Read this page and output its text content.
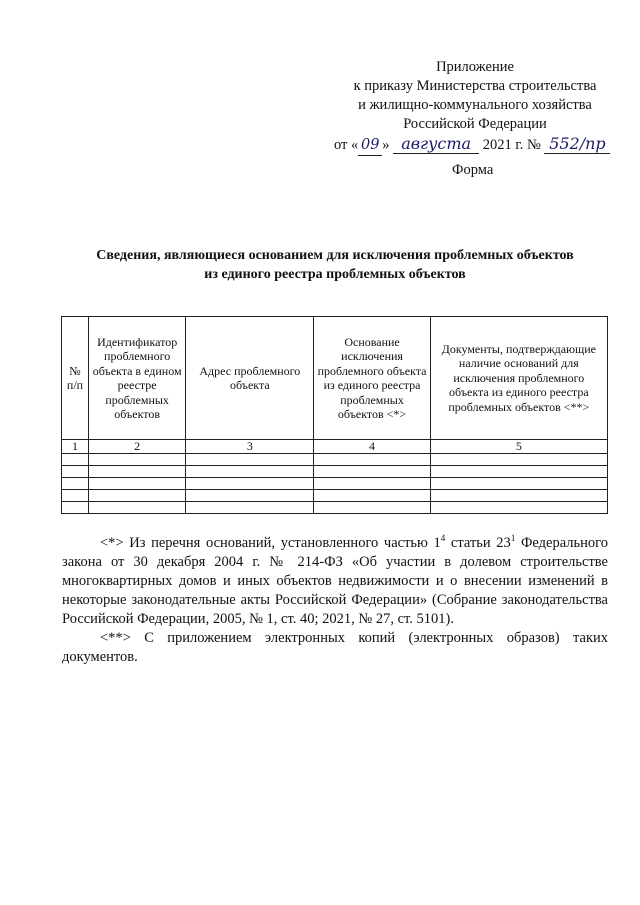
Приложение
к приказу Министерства строительства
и жилищно-коммунального хозяйства
Российской Федерации
от « 09 » августа 2021 г. № 552/пр
Форма
Сведения, являющиеся основанием для исключения проблемных объектов
из единого реестра проблемных объектов
№ п/п	Идентификатор проблемного объекта в едином реестре проблемных объектов	Адрес проблемного объекта	Основание исключения проблемного объекта из единого реестра проблемных объектов <*>	Документы, подтверждающие наличие оснований для исключения проблемного объекта из единого реестра проблемных объектов <**>
1	2	3	4	5

<*> Из перечня оснований, установленного частью $1^4$ статьи $23^1$ Федерального закона от 30 декабря 2004 г. № 214-ФЗ «Об участии в долевом строительстве многоквартирных домов и иных объектов недвижимости и о внесении изменений в некоторые законодательные акты Российской Федерации» (Собрание законодательства Российской Федерации, 2005, № 1, ст. 40; 2021, № 27, ст. 5101).

<**> С приложением электронных копий (электронных образов) таких документов.
